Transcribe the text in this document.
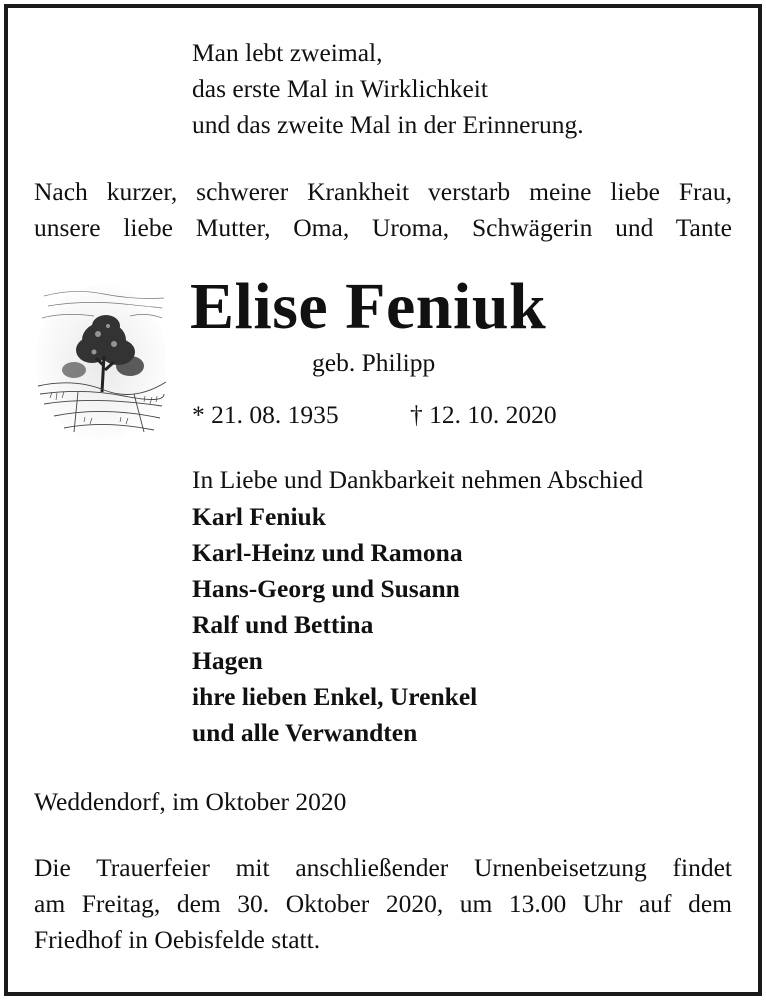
Man lebt zweimal,
das erste Mal in Wirklichkeit
und das zweite Mal in der Erinnerung.
Nach kurzer, schwerer Krankheit verstarb meine liebe Frau,
unsere liebe Mutter, Oma, Uroma, Schwägerin und Tante
Elise Feniuk
geb. Philipp
* 21. 08. 1935	† 12. 10. 2020
In Liebe und Dankbarkeit nehmen Abschied
Karl Feniuk
Karl-Heinz und Ramona
Hans-Georg und Susann
Ralf und Bettina
Hagen
ihre lieben Enkel, Urenkel
und alle Verwandten
Weddendorf, im Oktober 2020
Die Trauerfeier mit anschließender Urnenbeisetzung findet
am Freitag, dem 30. Oktober 2020, um 13.00 Uhr auf dem
Friedhof in Oebisfelde statt.
